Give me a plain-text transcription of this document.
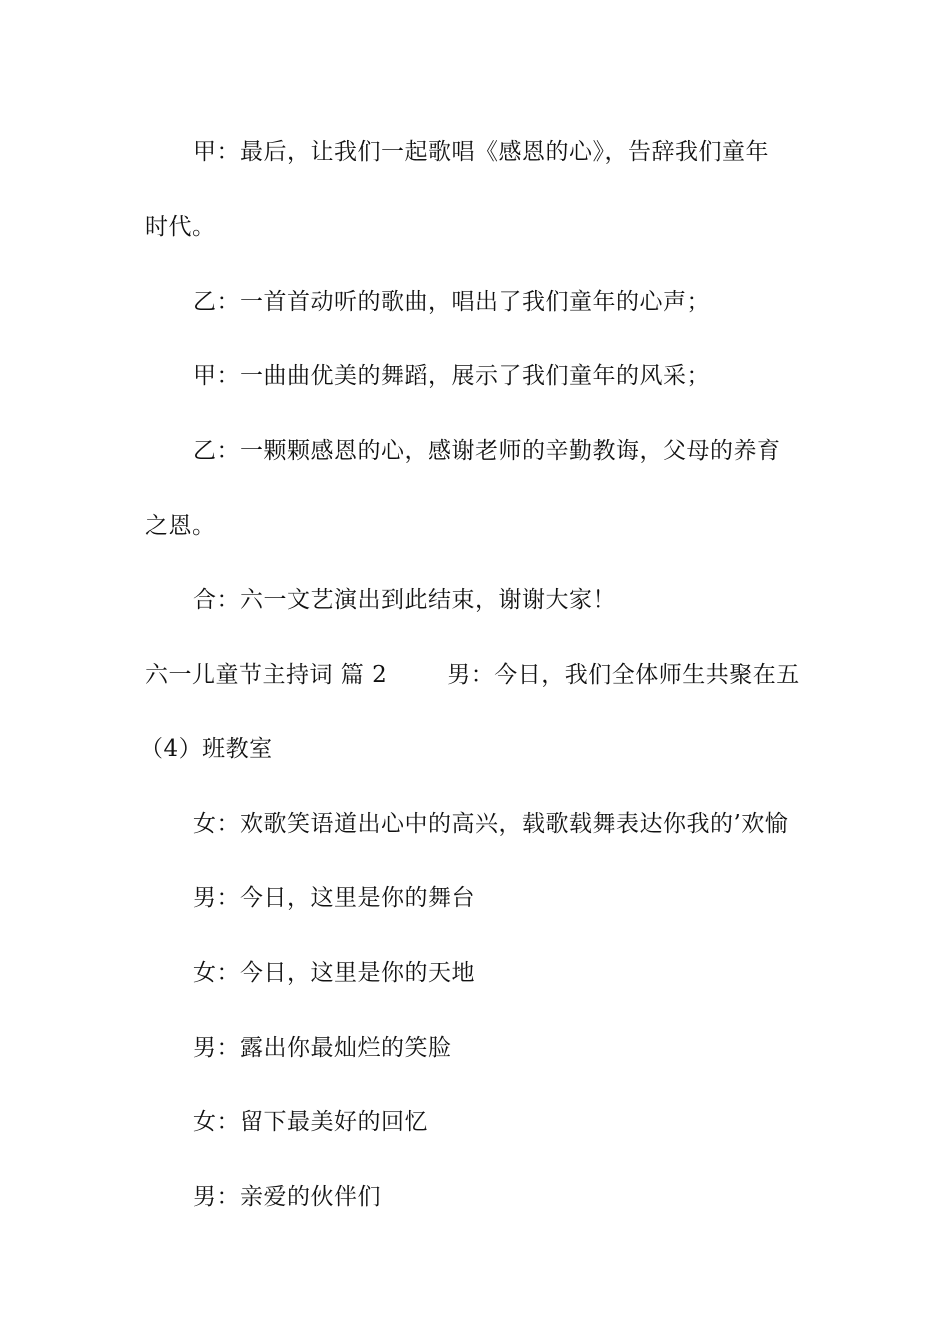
甲：最后，让我们一起歌唱《感恩的心》，告辞我们童年
时代。
乙：一首首动听的歌曲，唱出了我们童年的心声；
甲：一曲曲优美的舞蹈，展示了我们童年的风采；
乙：一颗颗感恩的心，感谢老师的辛勤教诲，父母的养育
之恩。
合：六一文艺演出到此结束，谢谢大家！
六一儿童节主持词 篇 2	男：今日，我们全体师生共聚在五
（4）班教室
女：欢歌笑语道出心中的高兴，载歌载舞表达你我的’欢愉
男：今日，这里是你的舞台
女：今日，这里是你的天地
男：露出你最灿烂的笑脸
女：留下最美好的回忆
男：亲爱的伙伴们
